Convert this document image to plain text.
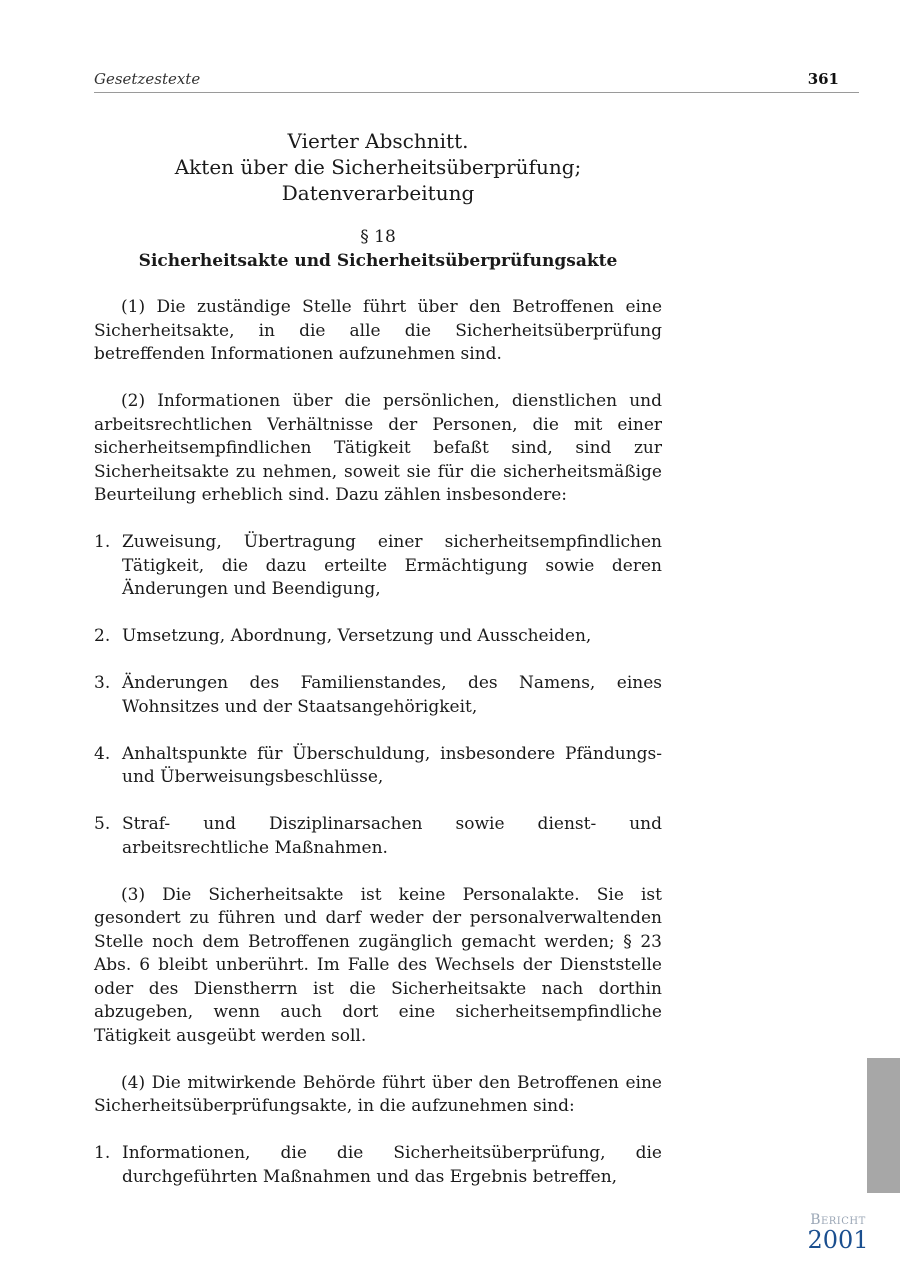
Gesetzestexte	361
Vierter Abschnitt.
Akten über die Sicherheitsüberprüfung;
Datenverarbeitung

§ 18

Sicherheitsakte und Sicherheitsüberprüfungsakte

(1) Die zuständige Stelle führt über den Betroffenen eine Sicherheitsakte, in die alle die Sicherheitsüberprüfung betreffenden Informationen aufzunehmen sind.

(2) Informationen über die persönlichen, dienstlichen und arbeitsrechtlichen Verhältnisse der Personen, die mit einer sicherheitsempfindlichen Tätigkeit befaßt sind, sind zur Sicherheitsakte zu nehmen, soweit sie für die sicherheitsmäßige Beurteilung erheblich sind. Dazu zählen insbesondere:

1. Zuweisung, Übertragung einer sicherheitsempfindlichen Tätigkeit, die dazu erteilte Ermächtigung sowie deren Änderungen und Beendigung,
2. Umsetzung, Abordnung, Versetzung und Ausscheiden,
3. Änderungen des Familienstandes, des Namens, eines Wohnsitzes und der Staatsangehörigkeit,
4. Anhaltspunkte für Überschuldung, insbesondere Pfändungs- und Überweisungsbeschlüsse,
5. Straf- und Disziplinarsachen sowie dienst- und arbeitsrechtliche Maßnahmen.

(3) Die Sicherheitsakte ist keine Personalakte. Sie ist gesondert zu führen und darf weder der personalverwaltenden Stelle noch dem Betroffenen zugänglich gemacht werden; § 23 Abs. 6 bleibt unberührt. Im Falle des Wechsels der Dienststelle oder des Dienstherrn ist die Sicherheitsakte nach dorthin abzugeben, wenn auch dort eine sicherheitsempfindliche Tätigkeit ausgeübt werden soll.

(4) Die mitwirkende Behörde führt über den Betroffenen eine Sicherheitsüberprüfungsakte, in die aufzunehmen sind:

1. Informationen, die die Sicherheitsüberprüfung, die durchgeführten Maßnahmen und das Ergebnis betreffen,
Bericht
2001
